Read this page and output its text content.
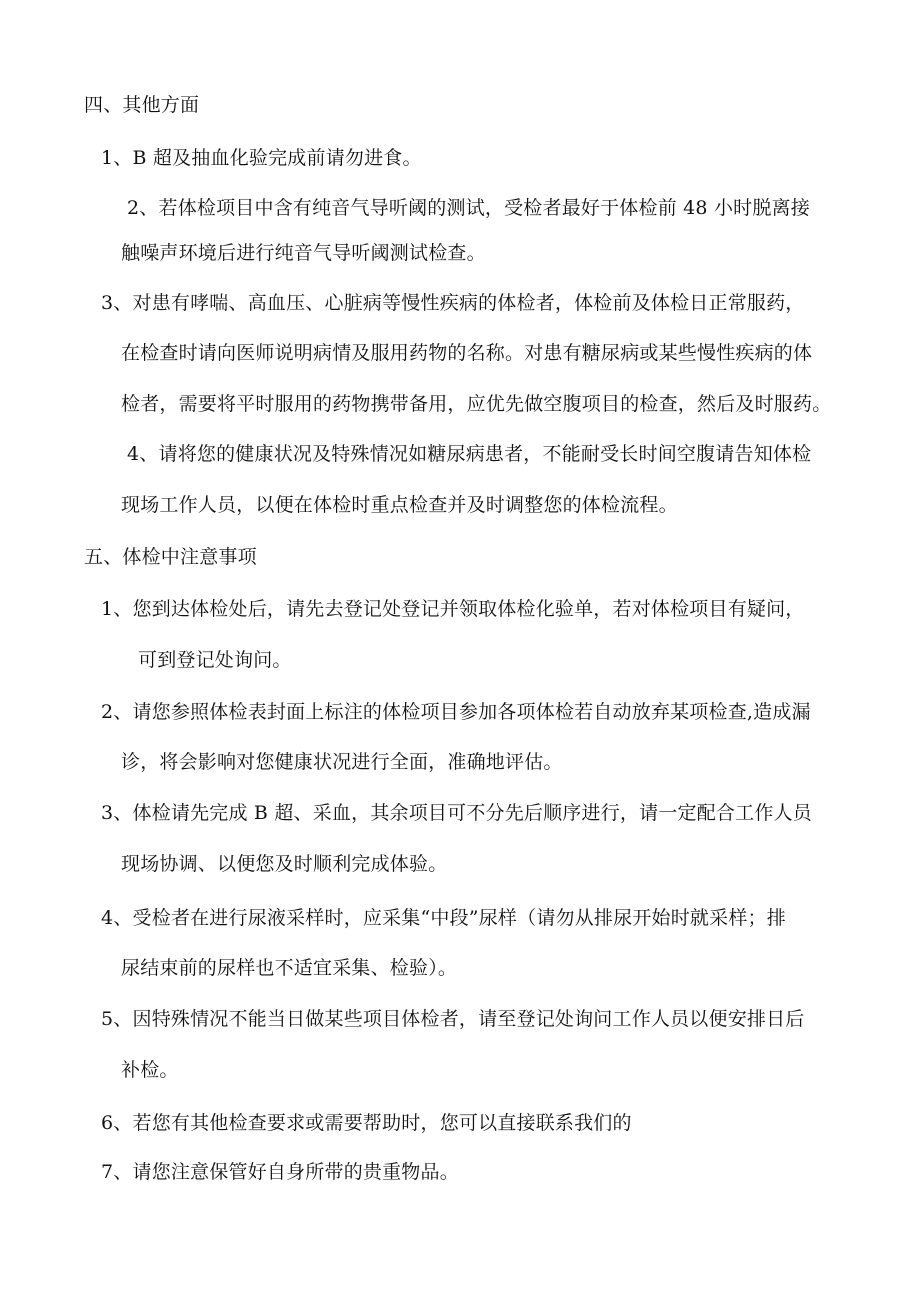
四、其他方面
1、B 超及抽血化验完成前请勿进食。
2、若体检项目中含有纯音气导听阈的测试，受检者最好于体检前 48 小时脱离接
触噪声环境后进行纯音气导听阈测试检查。
3、对患有哮喘、高血压、心脏病等慢性疾病的体检者，体检前及体检日正常服药，
在检查时请向医师说明病情及服用药物的名称。对患有糖尿病或某些慢性疾病的体
检者，需要将平时服用的药物携带备用，应优先做空腹项目的检查，然后及时服药。
4、请将您的健康状况及特殊情况如糖尿病患者，不能耐受长时间空腹请告知体检
现场工作人员，以便在体检时重点检查并及时调整您的体检流程。
五、体检中注意事项
1、您到达体检处后，请先去登记处登记并领取体检化验单，若对体检项目有疑问，
可到登记处询问。
2、请您参照体检表封面上标注的体检项目参加各项体检若自动放弃某项检查,造成漏
诊，将会影响对您健康状况进行全面，准确地评估。
3、体检请先完成 B 超、采血，其余项目可不分先后顺序进行，请一定配合工作人员
现场协调、以便您及时顺利完成体验。
4、受检者在进行尿液采样时，应采集“中段”尿样（请勿从排尿开始时就采样；排
尿结束前的尿样也不适宜采集、检验）。
5、因特殊情况不能当日做某些项目体检者，请至登记处询问工作人员以便安排日后
补检。
6、若您有其他检查要求或需要帮助时，您可以直接联系我们的
7、请您注意保管好自身所带的贵重物品。
